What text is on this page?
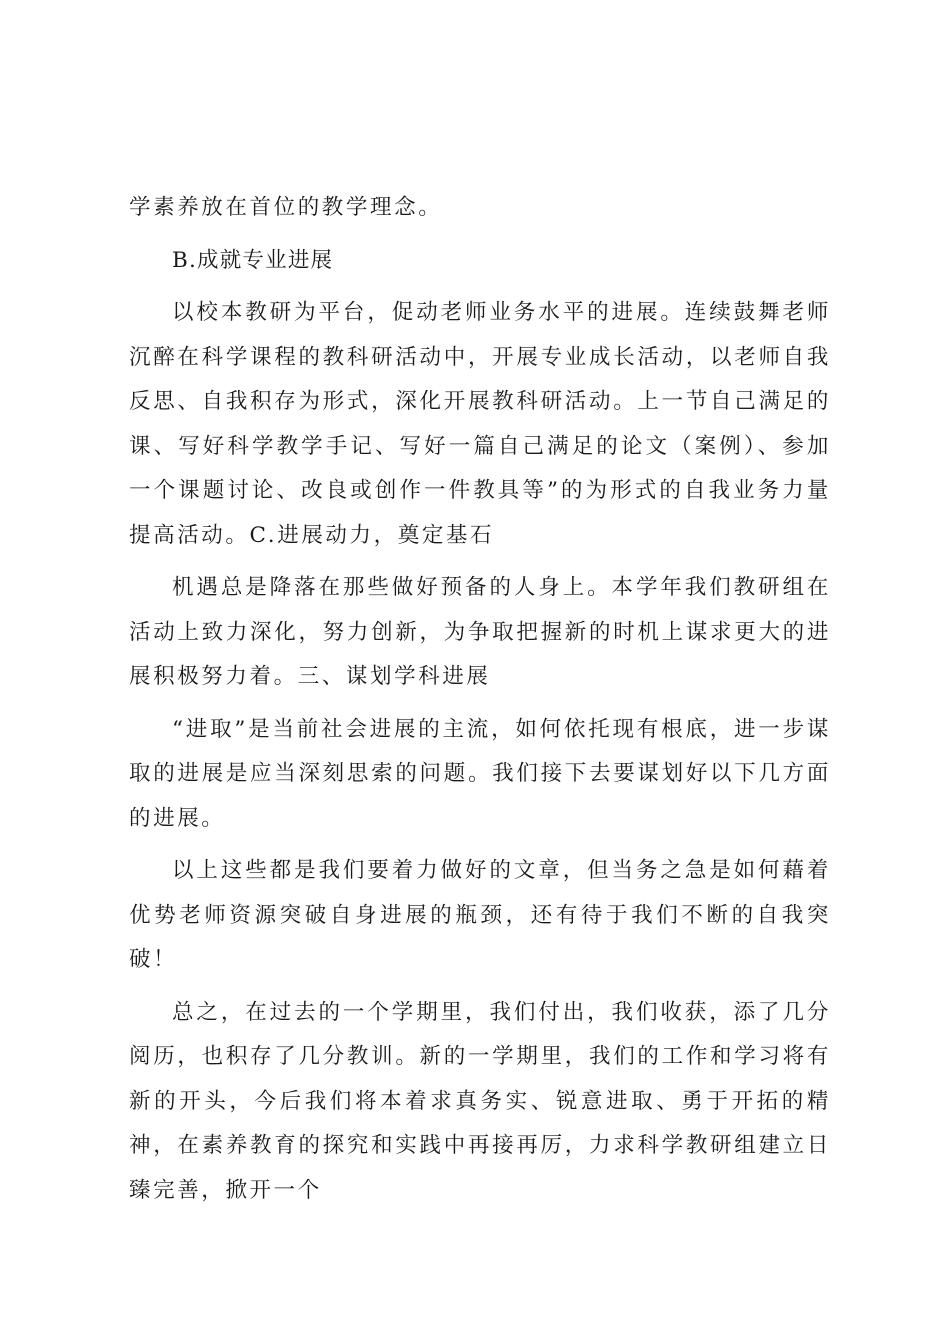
学素养放在首位的教学理念。

B.成就专业进展

以校本教研为平台，促动老师业务水平的进展。连续鼓舞老师沉醉在科学课程的教科研活动中，开展专业成长活动，以老师自我反思、自我积存为形式，深化开展教科研活动。上一节自己满足的课、写好科学教学手记、写好一篇自己满足的论文（案例）、参加一个课题讨论、改良或创作一件教具等”的为形式的自我业务力量提高活动。C.进展动力，奠定基石

机遇总是降落在那些做好预备的人身上。本学年我们教研组在活动上致力深化，努力创新，为争取把握新的时机上谋求更大的进展积极努力着。三、谋划学科进展

“进取”是当前社会进展的主流，如何依托现有根底，进一步谋取的进展是应当深刻思索的问题。我们接下去要谋划好以下几方面的进展。

以上这些都是我们要着力做好的文章，但当务之急是如何藉着优势老师资源突破自身进展的瓶颈，还有待于我们不断的自我突破！

总之，在过去的一个学期里，我们付出，我们收获，添了几分阅历，也积存了几分教训。新的一学期里，我们的工作和学习将有新的开头，今后我们将本着求真务实、锐意进取、勇于开拓的精神，在素养教育的探究和实践中再接再厉，力求科学教研组建立日臻完善，掀开一个
